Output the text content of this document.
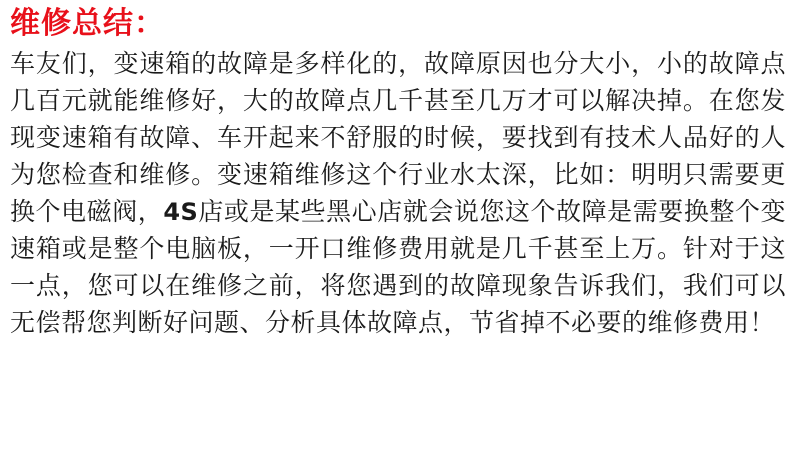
维修总结：

车友们，变速箱的故障是多样化的，故障原因也分大小，小的故障点几百元就能维修好，大的故障点几千甚至几万才可以解决掉。在您发现变速箱有故障、车开起来不舒服的时候，要找到有技术人品好的人为您检查和维修。变速箱维修这个行业水太深，比如：明明只需要更换个电磁阀，4S店或是某些黑心店就会说您这个故障是需要换整个变速箱或是整个电脑板，一开口维修费用就是几千甚至上万。针对于这一点，您可以在维修之前，将您遇到的故障现象告诉我们，我们可以无偿帮您判断好问题、分析具体故障点，节省掉不必要的维修费用！
